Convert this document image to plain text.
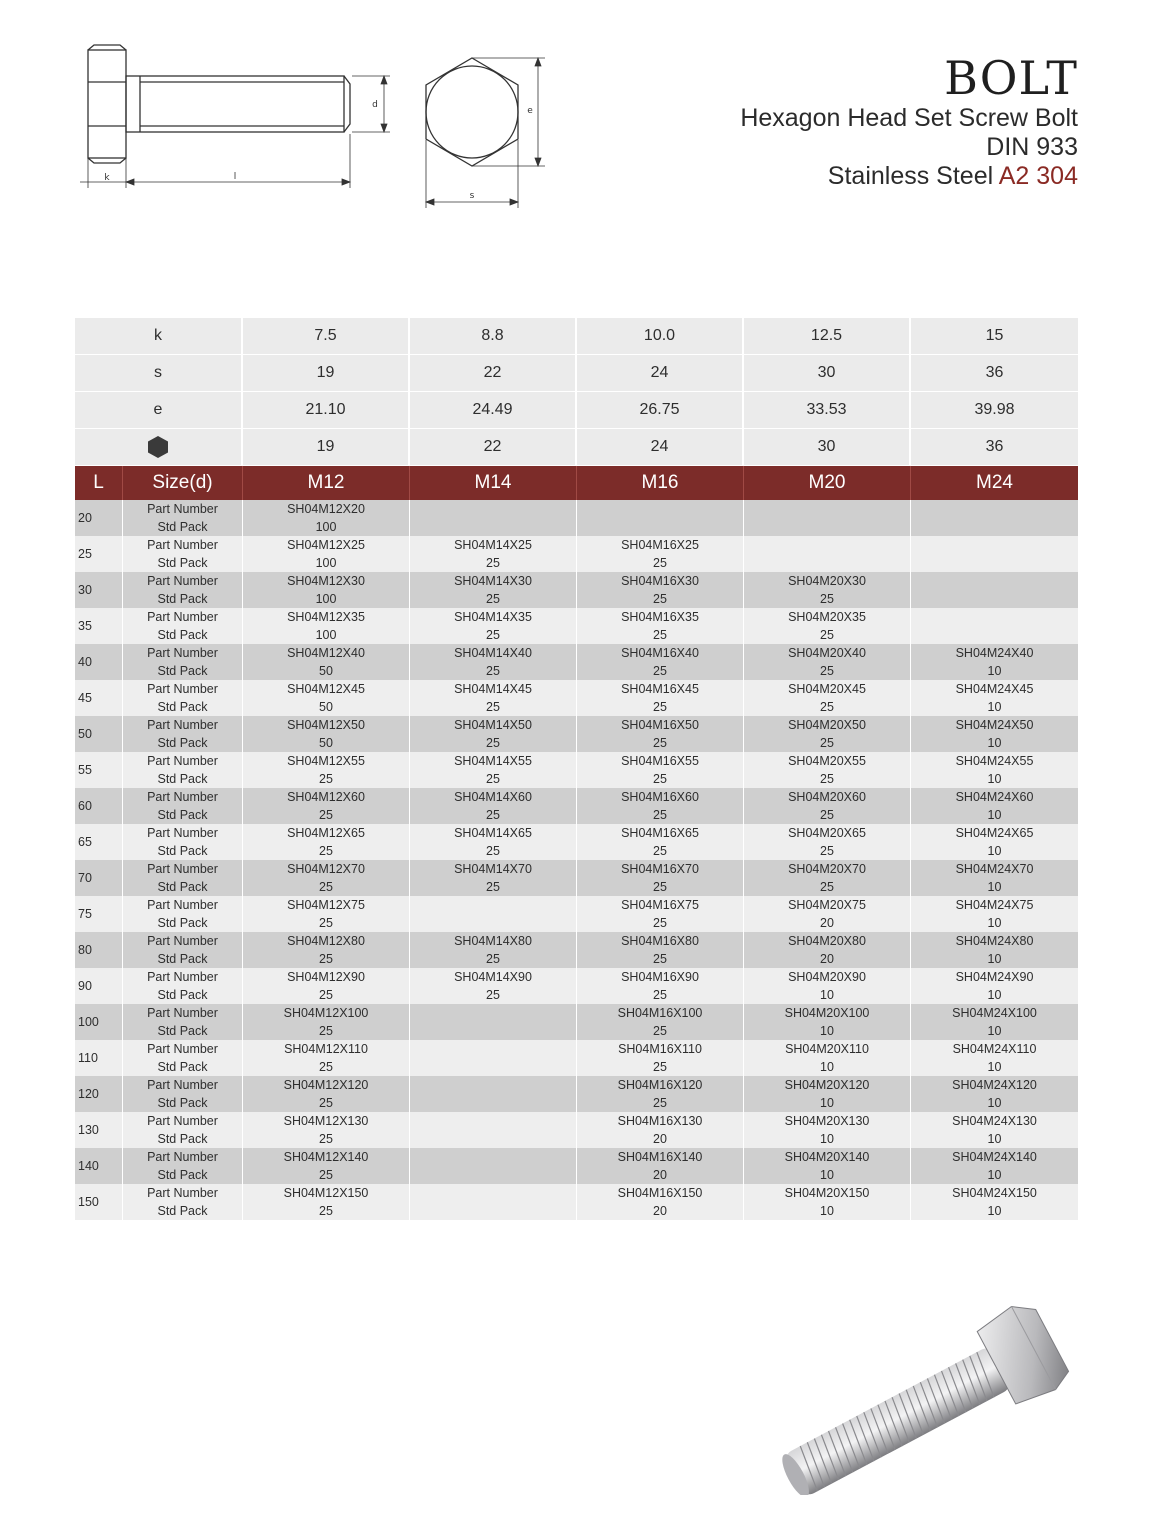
k	l
d
e
s
BOLT
Hexagon Head Set Screw Bolt
DIN 933
Stainless Steel A2 304
k		7.5	8.8	10.0	12.5	15
s		19	22	24	30	36
e		21.10	24.49	26.75	33.53	39.98
	19	22	24	30	36
L	Size(d)	M12	M14	M16	M20	M24
20	Part Number	SH04M12X20				
	Std Pack	100				
25	Part Number	SH04M12X25	SH04M14X25	SH04M16X25		
	Std Pack	100	25	25		
30	Part Number	SH04M12X30	SH04M14X30	SH04M16X30	SH04M20X30	
	Std Pack	100	25	25	25	
35	Part Number	SH04M12X35	SH04M14X35	SH04M16X35	SH04M20X35	
	Std Pack	100	25	25	25	
40	Part Number	SH04M12X40	SH04M14X40	SH04M16X40	SH04M20X40	SH04M24X40
	Std Pack	50	25	25	25	10
45	Part Number	SH04M12X45	SH04M14X45	SH04M16X45	SH04M20X45	SH04M24X45
	Std Pack	50	25	25	25	10
50	Part Number	SH04M12X50	SH04M14X50	SH04M16X50	SH04M20X50	SH04M24X50
	Std Pack	50	25	25	25	10
55	Part Number	SH04M12X55	SH04M14X55	SH04M16X55	SH04M20X55	SH04M24X55
	Std Pack	25	25	25	25	10
60	Part Number	SH04M12X60	SH04M14X60	SH04M16X60	SH04M20X60	SH04M24X60
	Std Pack	25	25	25	25	10
65	Part Number	SH04M12X65	SH04M14X65	SH04M16X65	SH04M20X65	SH04M24X65
	Std Pack	25	25	25	25	10
70	Part Number	SH04M12X70	SH04M14X70	SH04M16X70	SH04M20X70	SH04M24X70
	Std Pack	25	25	25	25	10
75	Part Number	SH04M12X75		SH04M16X75	SH04M20X75	SH04M24X75
	Std Pack	25		25	20	10
80	Part Number	SH04M12X80	SH04M14X80	SH04M16X80	SH04M20X80	SH04M24X80
	Std Pack	25	25	25	20	10
90	Part Number	SH04M12X90	SH04M14X90	SH04M16X90	SH04M20X90	SH04M24X90
	Std Pack	25	25	25	10	10
100	Part Number	SH04M12X100		SH04M16X100	SH04M20X100	SH04M24X100
	Std Pack	25		25	10	10
110	Part Number	SH04M12X110		SH04M16X110	SH04M20X110	SH04M24X110
	Std Pack	25		25	10	10
120	Part Number	SH04M12X120		SH04M16X120	SH04M20X120	SH04M24X120
	Std Pack	25		25	10	10
130	Part Number	SH04M12X130		SH04M16X130	SH04M20X130	SH04M24X130
	Std Pack	25		20	10	10
140	Part Number	SH04M12X140		SH04M16X140	SH04M20X140	SH04M24X140
	Std Pack	25		20	10	10
150	Part Number	SH04M12X150		SH04M16X150	SH04M20X150	SH04M24X150
	Std Pack	25		20	10	10
